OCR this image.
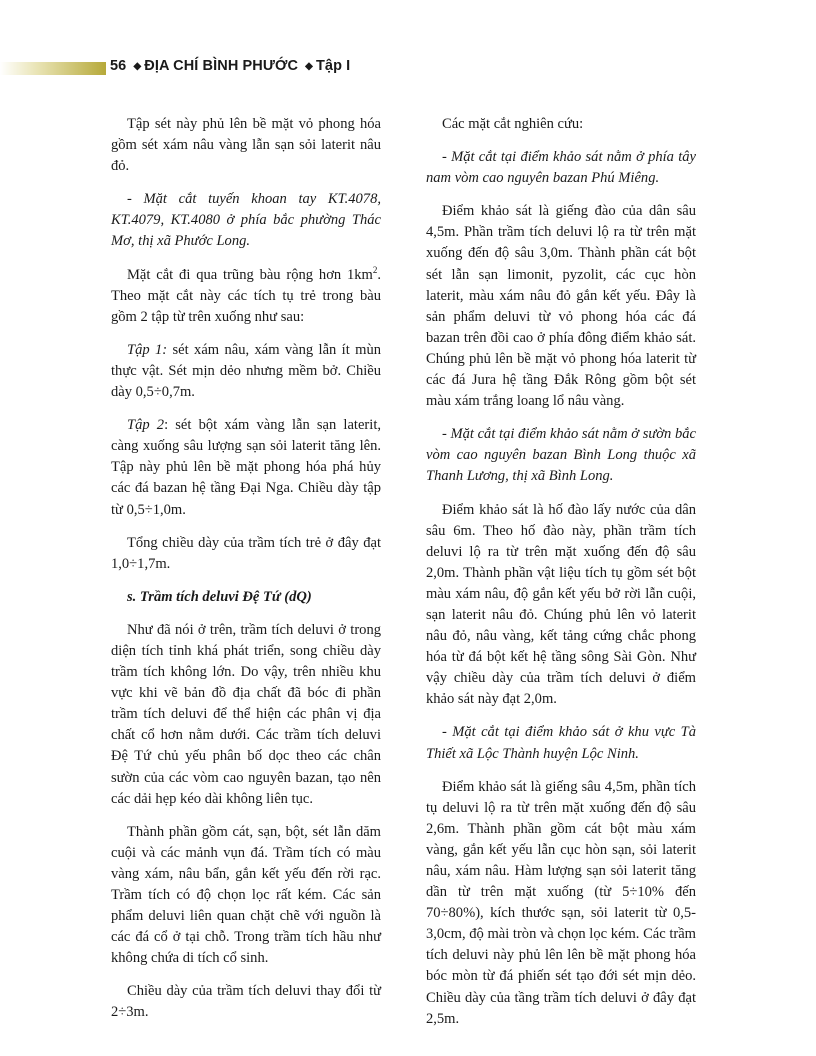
56 ◆ ĐỊA CHÍ BÌNH PHƯỚC ◆ Tập I

Tập sét này phủ lên bề mặt vỏ phong hóa gồm sét xám nâu vàng lẫn sạn sỏi laterit nâu đỏ.

- Mặt cắt tuyến khoan tay KT.4078, KT.4079, KT.4080 ở phía bắc phường Thác Mơ, thị xã Phước Long.

Mặt cắt đi qua trũng bàu rộng hơn $1km^2$. Theo mặt cắt này các tích tụ trẻ trong bàu gồm 2 tập từ trên xuống như sau:

Tập 1: sét xám nâu, xám vàng lẫn ít mùn thực vật. Sét mịn dẻo nhưng mềm bở. Chiều dày 0,5÷0,7m.

Tập 2: sét bột xám vàng lẫn sạn laterit, càng xuống sâu lượng sạn sỏi laterit tăng lên. Tập này phủ lên bề mặt phong hóa phá hủy các đá bazan hệ tầng Đại Nga. Chiều dày tập từ 0,5÷1,0m.

Tổng chiều dày của trầm tích trẻ ở đây đạt 1,0÷1,7m.

s. Trầm tích deluvi Đệ Tứ (dQ)

Như đã nói ở trên, trầm tích deluvi ở trong diện tích tỉnh khá phát triển, song chiều dày trầm tích không lớn. Do vậy, trên nhiều khu vực khi vẽ bản đồ địa chất đã bóc đi phần trầm tích deluvi để thể hiện các phân vị địa chất cổ hơn nằm dưới. Các trầm tích deluvi Đệ Tứ chủ yếu phân bố dọc theo các chân sườn của các vòm cao nguyên bazan, tạo nên các dải hẹp kéo dài không liên tục.

Thành phần gồm cát, sạn, bột, sét lẫn dăm cuội và các mảnh vụn đá. Trầm tích có màu vàng xám, nâu bẩn, gắn kết yếu đến rời rạc. Trầm tích có độ chọn lọc rất kém. Các sản phẩm deluvi liên quan chặt chẽ với nguồn là các đá cổ ở tại chỗ. Trong trầm tích hầu như không chứa di tích cổ sinh.

Chiều dày của trầm tích deluvi thay đổi từ 2÷3m.

Các mặt cắt nghiên cứu:

- Mặt cắt tại điểm khảo sát nằm ở phía tây nam vòm cao nguyên bazan Phú Miêng.

Điểm khảo sát là giếng đào của dân sâu 4,5m. Phần trầm tích deluvi lộ ra từ trên mặt xuống đến độ sâu 3,0m. Thành phần cát bột sét lẫn sạn limonit, pyzolit, các cục hòn laterit, màu xám nâu đỏ gắn kết yếu. Đây là sản phẩm deluvi từ vỏ phong hóa các đá bazan trên đồi cao ở phía đông điểm khảo sát. Chúng phủ lên bề mặt vỏ phong hóa laterit từ các đá Jura hệ tầng Đắk Rông gồm bột sét màu xám trắng loang lổ nâu vàng.

- Mặt cắt tại điểm khảo sát nằm ở sườn bắc vòm cao nguyên bazan Bình Long thuộc xã Thanh Lương, thị xã Bình Long.

Điểm khảo sát là hố đào lấy nước của dân sâu 6m. Theo hố đào này, phần trầm tích deluvi lộ ra từ trên mặt xuống đến độ sâu 2,0m. Thành phần vật liệu tích tụ gồm sét bột màu xám nâu, độ gắn kết yếu bở rời lẫn cuội, sạn laterit nâu đỏ. Chúng phủ lên vỏ laterit nâu đỏ, nâu vàng, kết tảng cứng chắc phong hóa từ đá bột kết hệ tầng sông Sài Gòn. Như vậy chiều dày của trầm tích deluvi ở điểm khảo sát này đạt 2,0m.

- Mặt cắt tại điểm khảo sát ở khu vực Tà Thiết xã Lộc Thành huyện Lộc Ninh.

Điểm khảo sát là giếng sâu 4,5m, phần tích tụ deluvi lộ ra từ trên mặt xuống đến độ sâu 2,6m. Thành phần gồm cát bột màu xám vàng, gắn kết yếu lẫn cục hòn sạn, sỏi laterit nâu, xám nâu. Hàm lượng sạn sỏi laterit tăng dần từ trên mặt xuống (từ 5÷10% đến 70÷80%), kích thước sạn, sỏi laterit từ 0,5-3,0cm, độ mài tròn và chọn lọc kém. Các trầm tích deluvi này phủ lên lên bề mặt phong hóa bóc mòn từ đá phiến sét tạo đới sét mịn dẻo. Chiều dày của tầng trầm tích deluvi ở đây đạt 2,5m.
